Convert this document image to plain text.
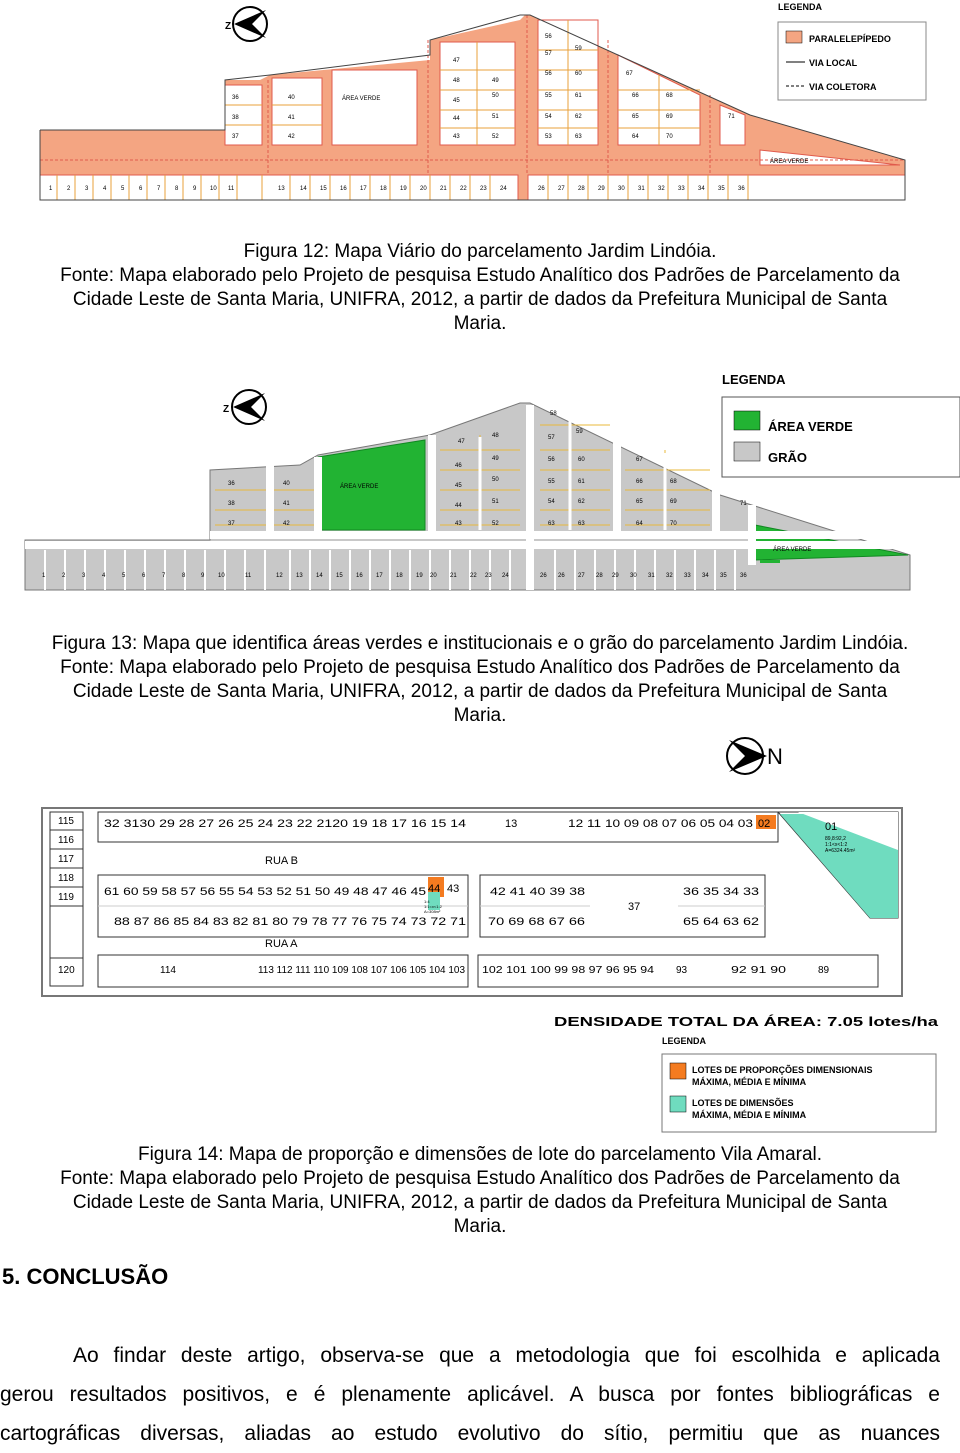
1 2 3 4 5 6 7 8 9 10 11	13	14 15 16 17 18 19 20 21 22 23 24	26 27 28 29 30 31 32 33 34 35 36
36
38
37
40
41
42
47
48
45
44
43
49
50
51
52
56
57
56
55
54
53
59
60
61
62
63
67
66
65
64
68
69
70
71
ÁREA VERDE
ÁREA VERDE
Z
LEGENDA
PARALELEPÍPEDO
VIA LOCAL
VIA COLETORA
Figura 12: Mapa Viário do parcelamento Jardim Lindóia.
Fonte: Mapa elaborado pelo Projeto de pesquisa Estudo Analítico dos Padrões de Parcelamento da
Cidade Leste de Santa Maria, UNIFRA, 2012, a partir de dados da Prefeitura Municipal de Santa
Maria.
1	2	3	4	5	6	7	8	9 10	11	12 13 14 15 16 17 18 19 20 21 22 23 24	26 26 27 28 29 30 31 32 33 34 35 36
36
38
37
40
41
42
47
48
46
45
44
43
49
50
51
52
58
57
59
56	60
55	61
54	62
63	63
67
66
65
64
68
69
70
71
ÁREA VERDE
ÁREA VERDE
Z
LEGENDA
ÁREA VERDE
GRÃO
Figura 13: Mapa que identifica áreas verdes e institucionais e o grão do parcelamento Jardim Lindóia.
Fonte: Mapa elaborado pelo Projeto de pesquisa Estudo Analítico dos Padrões de Parcelamento da
Cidade Leste de Santa Maria, UNIFRA, 2012, a partir de dados da Prefeitura Municipal de Santa
Maria.
N
115
116
117
118
119
120
01
89,8:92,2
1:1<x<1:2
A=6324.45m²
32 3130 29 28 27 26 25 24 23 22 2120 19 18 17 16 15 14	13	12 11 10 09 08 07 06 05 04 03 02
RUA B
61 60 59 58 57 56 55 54 53 52 51 50 49 48 47 46 45 44 43
88 87 86 85 84 83 82 81 80 79 78 77 76 75 74 73 72 71
1:4
1:1<x<1:2
A=308m²
42 41 40 39 38
70 69 68 67 66
37
36 35 34 33
65 64 63 62
RUA A
114	113 112 111 110 109 108 107 106 105 104 103 102 101 100 99 98 97 96 95 94 93	92 91 90	89
DENSIDADE TOTAL DA ÁREA: 7.05 lotes/ha
LEGENDA
LOTES DE PROPORÇÕES DIMENSIONAIS
MÁXIMA, MÉDIA E MÍNIMA
LOTES DE DIMENSÕES
MÁXIMA, MÉDIA E MÍNIMA
Figura 14: Mapa de proporção e dimensões de lote do parcelamento Vila Amaral.
Fonte: Mapa elaborado pelo Projeto de pesquisa Estudo Analítico dos Padrões de Parcelamento da
Cidade Leste de Santa Maria, UNIFRA, 2012, a partir de dados da Prefeitura Municipal de Santa
Maria.
5. CONCLUSÃO
Ao findar deste artigo, observa-se que a metodologia que foi escolhida e aplicada
gerou resultados positivos, e é plenamente aplicável. A busca por fontes bibliográficas e
cartográficas diversas, aliadas ao estudo evolutivo do sítio, permitiu que as nuances
